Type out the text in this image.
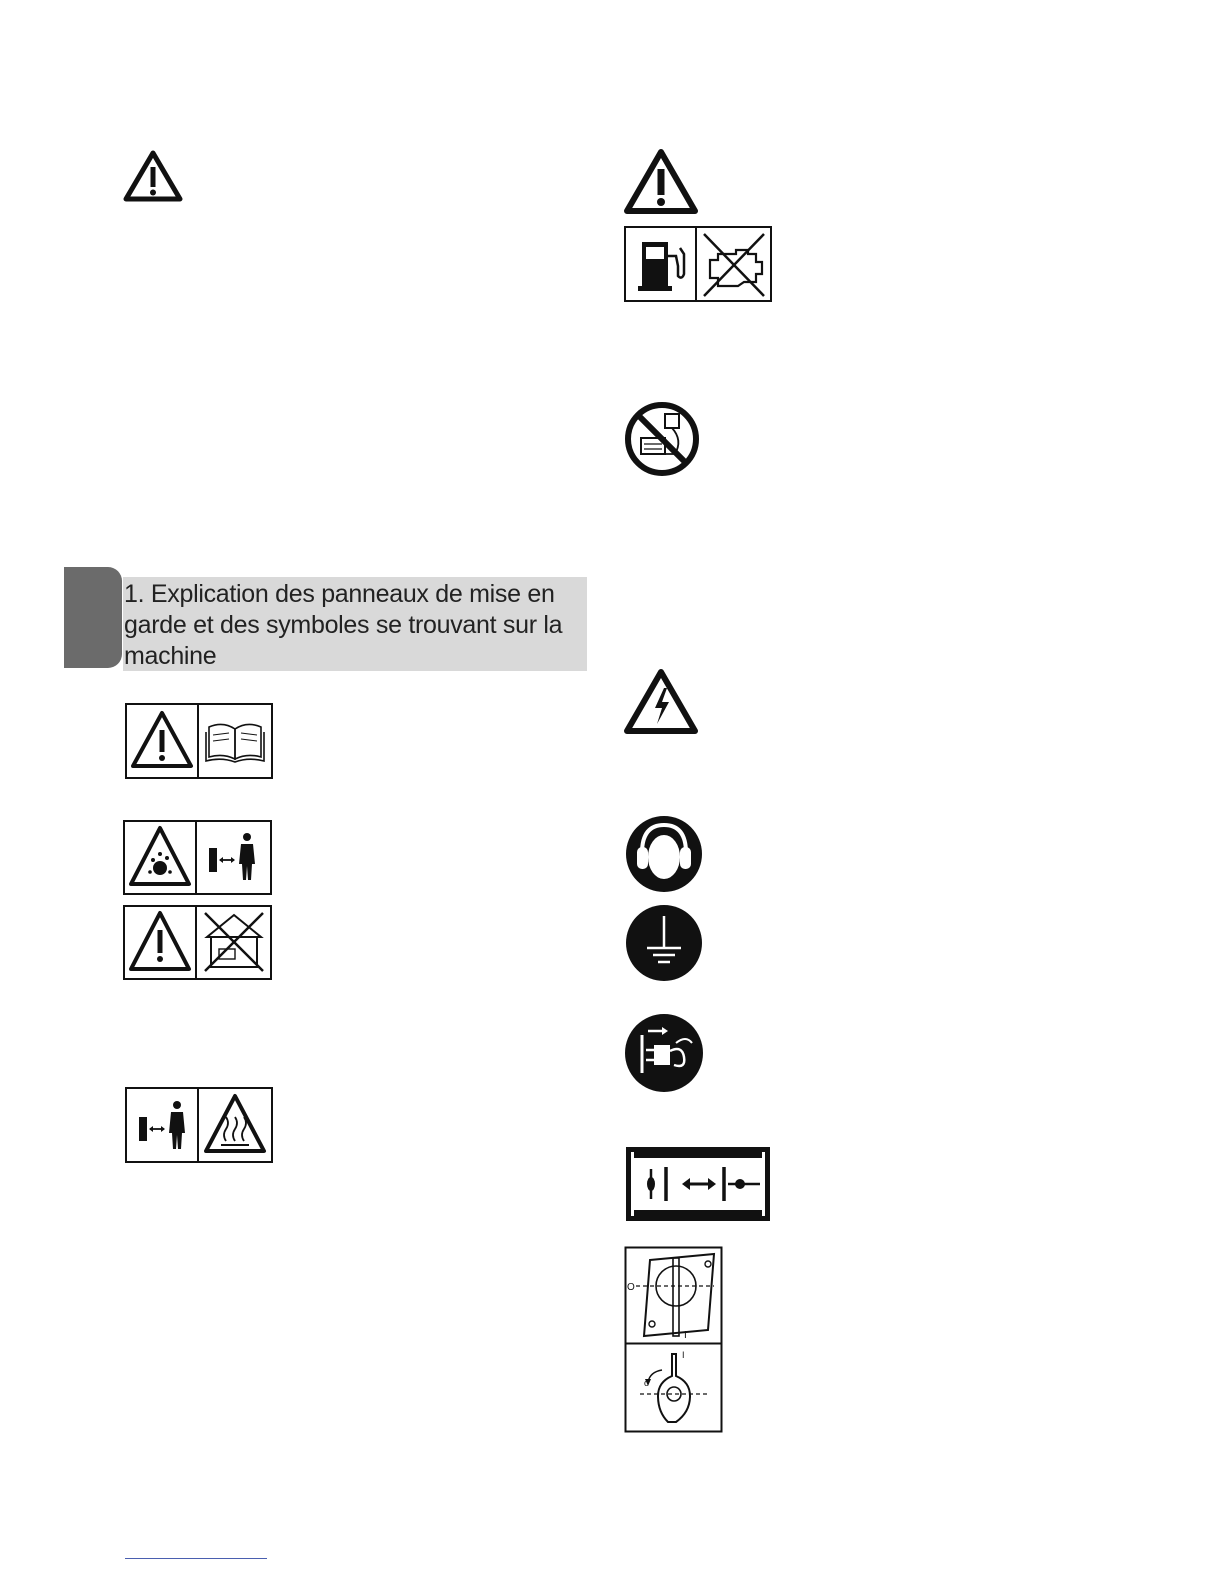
1. Explication des panneaux de mise en garde et des symboles se trouvant sur la machine
O
I
o
I
